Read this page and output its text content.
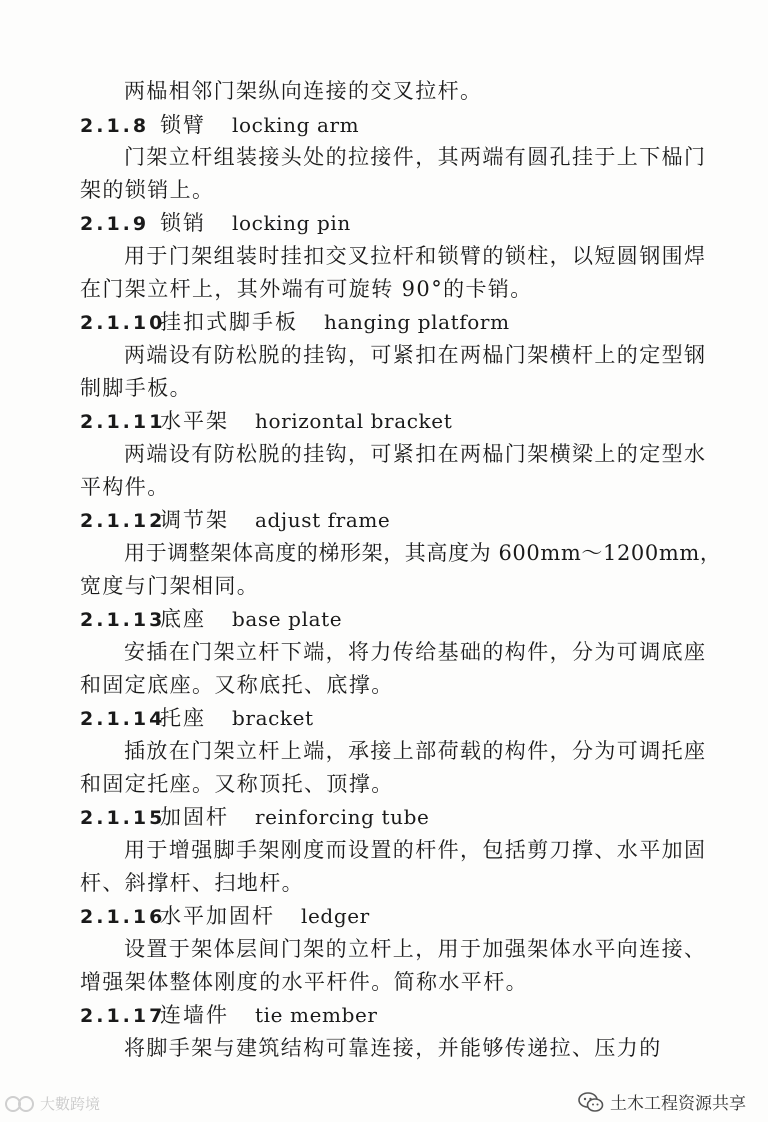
两榀相邻门架纵向连接的交叉拉杆。
2.1.8 锁臂 locking arm
门架立杆组装接头处的拉接件，其两端有圆孔挂于上下榀门
架的锁销上。
2.1.9 锁销 locking pin
用于门架组装时挂扣交叉拉杆和锁臂的锁柱，以短圆钢围焊
在门架立杆上，其外端有可旋转 90°的卡销。
2.1.10
挂扣式脚手板 hanging platform
两端设有防松脱的挂钩，可紧扣在两榀门架横杆上的定型钢
制脚手板。
2.1.11
水平架 horizontal bracket
两端设有防松脱的挂钩，可紧扣在两榀门架横梁上的定型水
平构件。
2.1.12
调节架 adjust frame
用于调整架体高度的梯形架，其高度为 600mm～1200mm，
宽度与门架相同。
2.1.13
底座 base plate
安插在门架立杆下端，将力传给基础的构件，分为可调底座
和固定底座。又称底托、底撑。
2.1.14
托座 bracket
插放在门架立杆上端，承接上部荷载的构件，分为可调托座
和固定托座。又称顶托、顶撑。
2.1.15
加固杆 reinforcing tube
用于增强脚手架刚度而设置的杆件，包括剪刀撑、水平加固
杆、斜撑杆、扫地杆。
2.1.16
水平加固杆 ledger
设置于架体层间门架的立杆上，用于加强架体水平向连接、
增强架体整体刚度的水平杆件。简称水平杆。
2.1.17
连墙件 tie member
将脚手架与建筑结构可靠连接，并能够传递拉、压力的
大數跨境	土木工程资源共享
